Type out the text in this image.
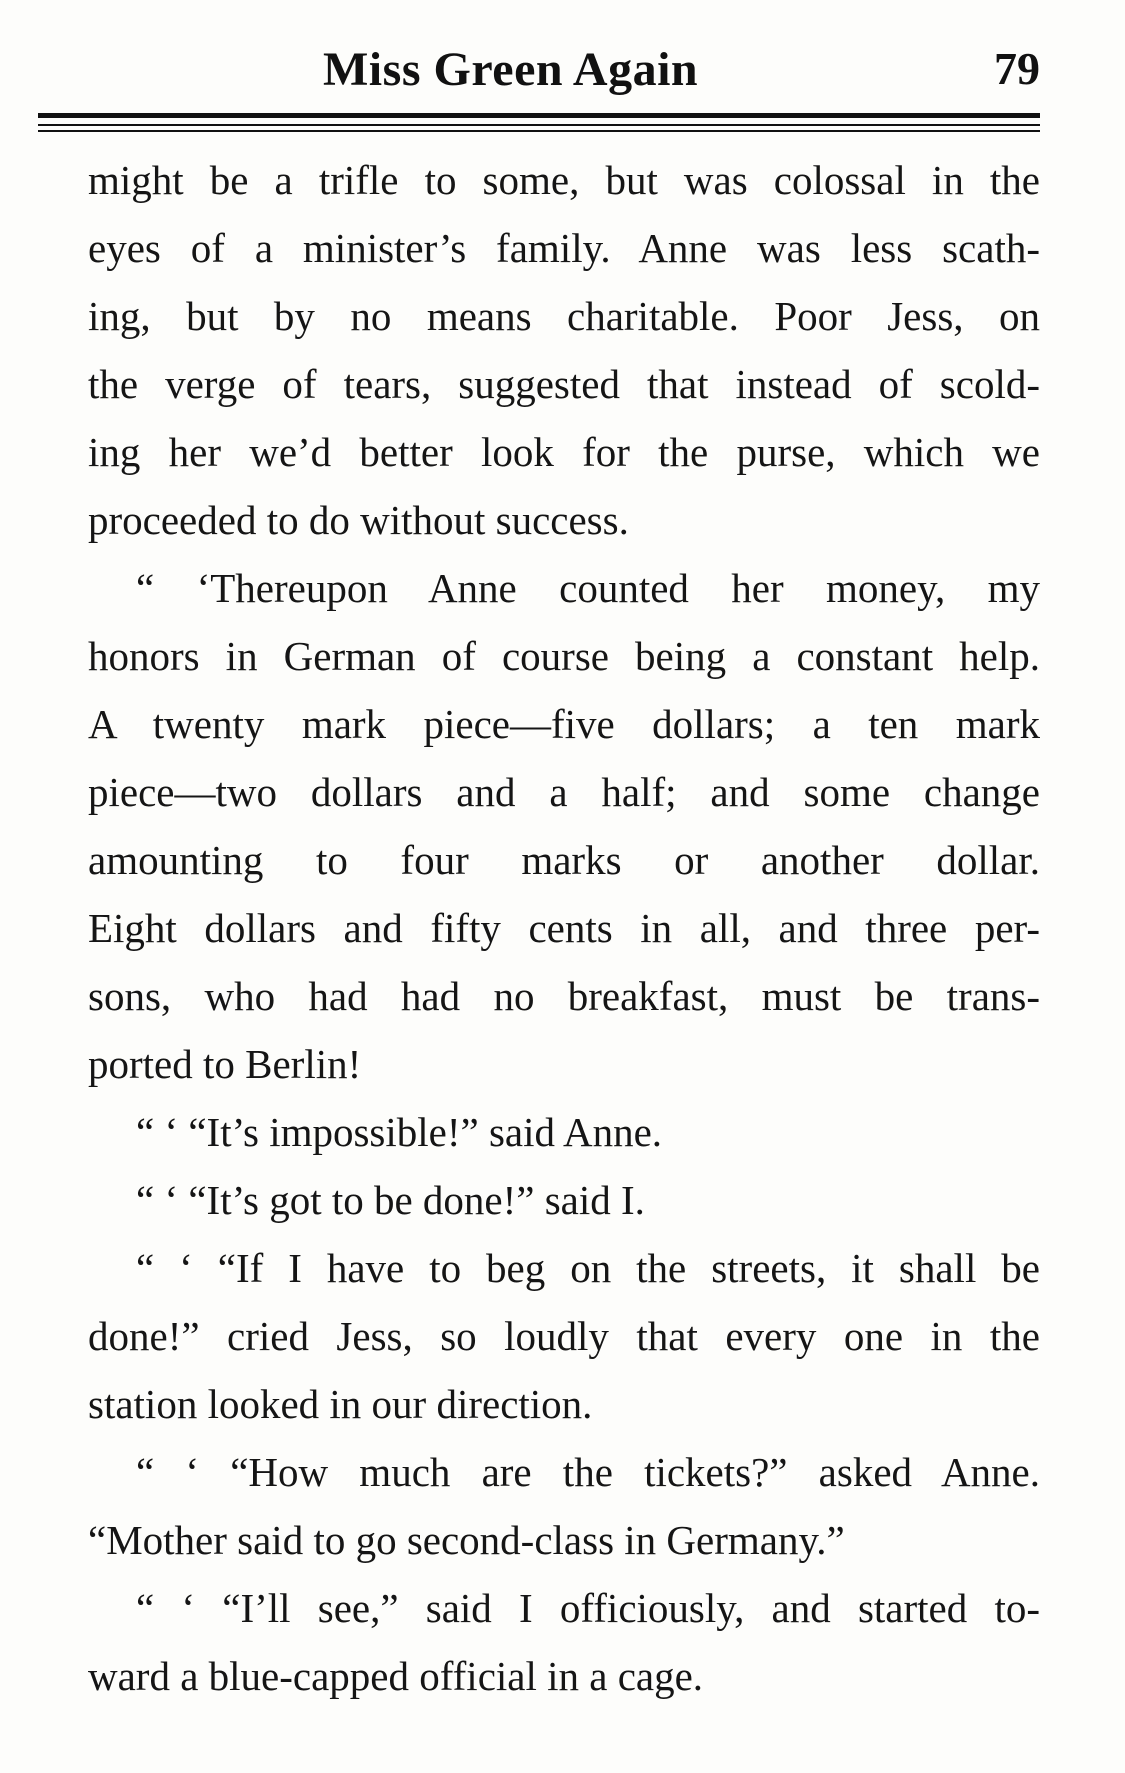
Miss Green Again	79
might be a trifle to some, but was colossal in the
eyes of a minister’s family. Anne was less scath-
ing, but by no means charitable. Poor Jess, on
the verge of tears, suggested that instead of scold-
ing her we’d better look for the purse, which we
proceeded to do without success.
“ ‘Thereupon Anne counted her money, my
honors in German of course being a constant help.
A twenty mark piece—five dollars; a ten mark
piece—two dollars and a half; and some change
amounting to four marks or another dollar.
Eight dollars and fifty cents in all, and three per-
sons, who had had no breakfast, must be trans-
ported to Berlin!
“ ‘ “It’s impossible!” said Anne.
“ ‘ “It’s got to be done!” said I.
“ ‘ “If I have to beg on the streets, it shall be
done!” cried Jess, so loudly that every one in the
station looked in our direction.
“ ‘ “How much are the tickets?” asked Anne.
“Mother said to go second-class in Germany.”
“ ‘ “I’ll see,” said I officiously, and started to-
ward a blue-capped official in a cage.
